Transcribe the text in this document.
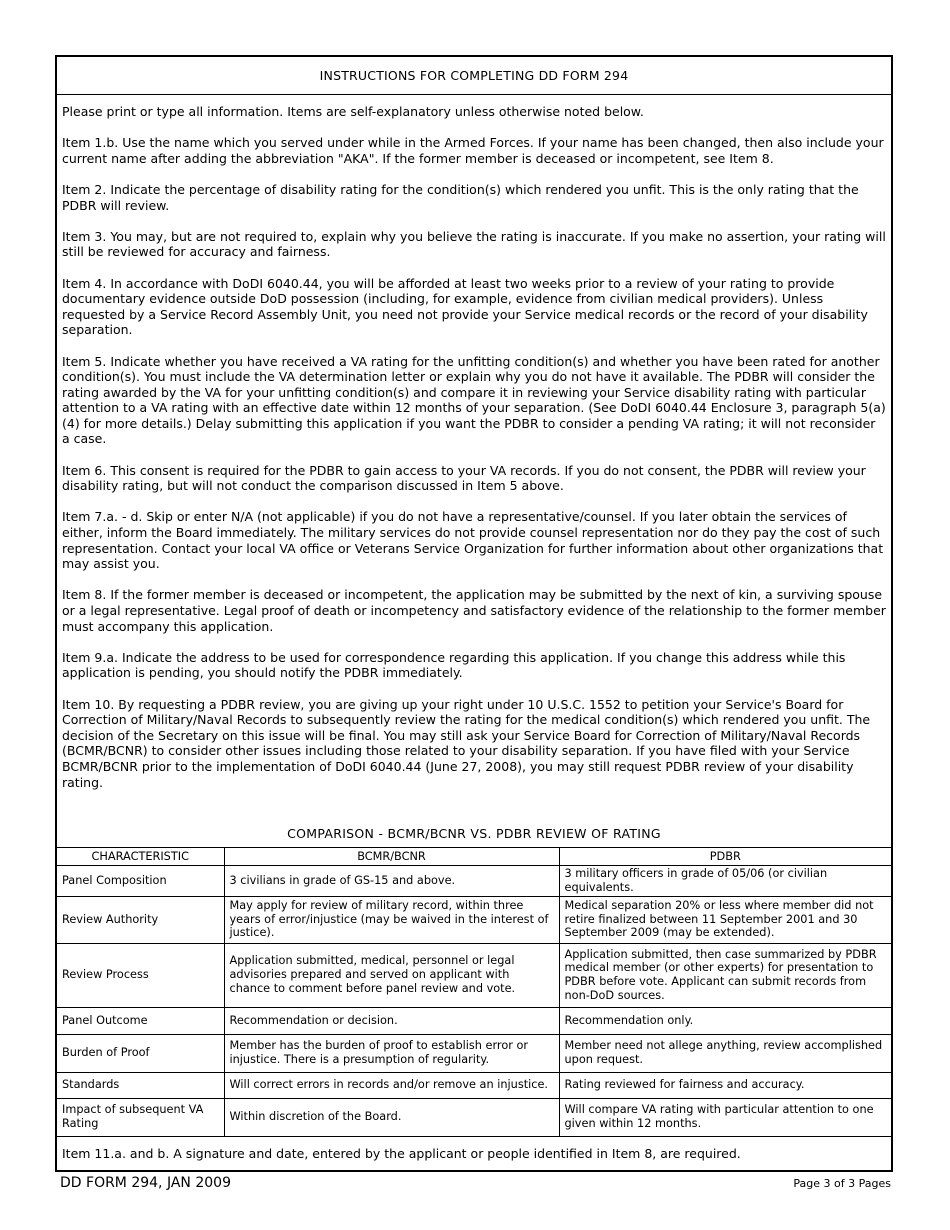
INSTRUCTIONS FOR COMPLETING DD FORM 294

Please print or type all information. Items are self-explanatory unless otherwise noted below.

Item 1.b. Use the name which you served under while in the Armed Forces. If your name has been changed, then also include your current name after adding the abbreviation "AKA". If the former member is deceased or incompetent, see Item 8.

Item 2. Indicate the percentage of disability rating for the condition(s) which rendered you unfit. This is the only rating that the PDBR will review.

Item 3. You may, but are not required to, explain why you believe the rating is inaccurate. If you make no assertion, your rating will still be reviewed for accuracy and fairness.

Item 4. In accordance with DoDI 6040.44, you will be afforded at least two weeks prior to a review of your rating to provide documentary evidence outside DoD possession (including, for example, evidence from civilian medical providers). Unless requested by a Service Record Assembly Unit, you need not provide your Service medical records or the record of your disability separation.

Item 5. Indicate whether you have received a VA rating for the unfitting condition(s) and whether you have been rated for another condition(s). You must include the VA determination letter or explain why you do not have it available. The PDBR will consider the rating awarded by the VA for your unfitting condition(s) and compare it in reviewing your Service disability rating with particular attention to a VA rating with an effective date within 12 months of your separation. (See DoDI 6040.44 Enclosure 3, paragraph 5(a)(4) for more details.) Delay submitting this application if you want the PDBR to consider a pending VA rating; it will not reconsider a case.

Item 6. This consent is required for the PDBR to gain access to your VA records. If you do not consent, the PDBR will review your disability rating, but will not conduct the comparison discussed in Item 5 above.

Item 7.a. - d. Skip or enter N/A (not applicable) if you do not have a representative/counsel. If you later obtain the services of either, inform the Board immediately. The military services do not provide counsel representation nor do they pay the cost of such representation. Contact your local VA office or Veterans Service Organization for further information about other organizations that may assist you.

Item 8. If the former member is deceased or incompetent, the application may be submitted by the next of kin, a surviving spouse or a legal representative. Legal proof of death or incompetency and satisfactory evidence of the relationship to the former member must accompany this application.

Item 9.a. Indicate the address to be used for correspondence regarding this application. If you change this address while this application is pending, you should notify the PDBR immediately.

Item 10. By requesting a PDBR review, you are giving up your right under 10 U.S.C. 1552 to petition your Service's Board for Correction of Military/Naval Records to subsequently review the rating for the medical condition(s) which rendered you unfit. The decision of the Secretary on this issue will be final. You may still ask your Service Board for Correction of Military/Naval Records (BCMR/BCNR) to consider other issues including those related to your disability separation. If you have filed with your Service BCMR/BCNR prior to the implementation of DoDI 6040.44 (June 27, 2008), you may still request PDBR review of your disability rating.

COMPARISON - BCMR/BCNR VS. PDBR REVIEW OF RATING
CHARACTERISTIC	BCMR/BCNR	PDBR
Panel Composition	3 civilians in grade of GS-15 and above.	3 military officers in grade of 05/06 (or civilian equivalents.
Review Authority	May apply for review of military record, within three years of error/injustice (may be waived in the interest of justice).	Medical separation 20% or less where member did not retire finalized between 11 September 2001 and 30 September 2009 (may be extended).
Review Process	Application submitted, medical, personnel or legal advisories prepared and served on applicant with chance to comment before panel review and vote.	Application submitted, then case summarized by PDBR medical member (or other experts) for presentation to PDBR before vote. Applicant can submit records from non-DoD sources.
Panel Outcome	Recommendation or decision.	Recommendation only.
Burden of Proof	Member has the burden of proof to establish error or injustice. There is a presumption of regularity.	Member need not allege anything, review accomplished upon request.
Standards	Will correct errors in records and/or remove an injustice.	Rating reviewed for fairness and accuracy.
Impact of subsequent VA Rating	Within discretion of the Board.	Will compare VA rating with particular attention to one given within 12 months.
Item 11.a. and b. A signature and date, entered by the applicant or people identified in Item 8, are required.
DD FORM 294, JAN 2009	Page 3 of 3 Pages
